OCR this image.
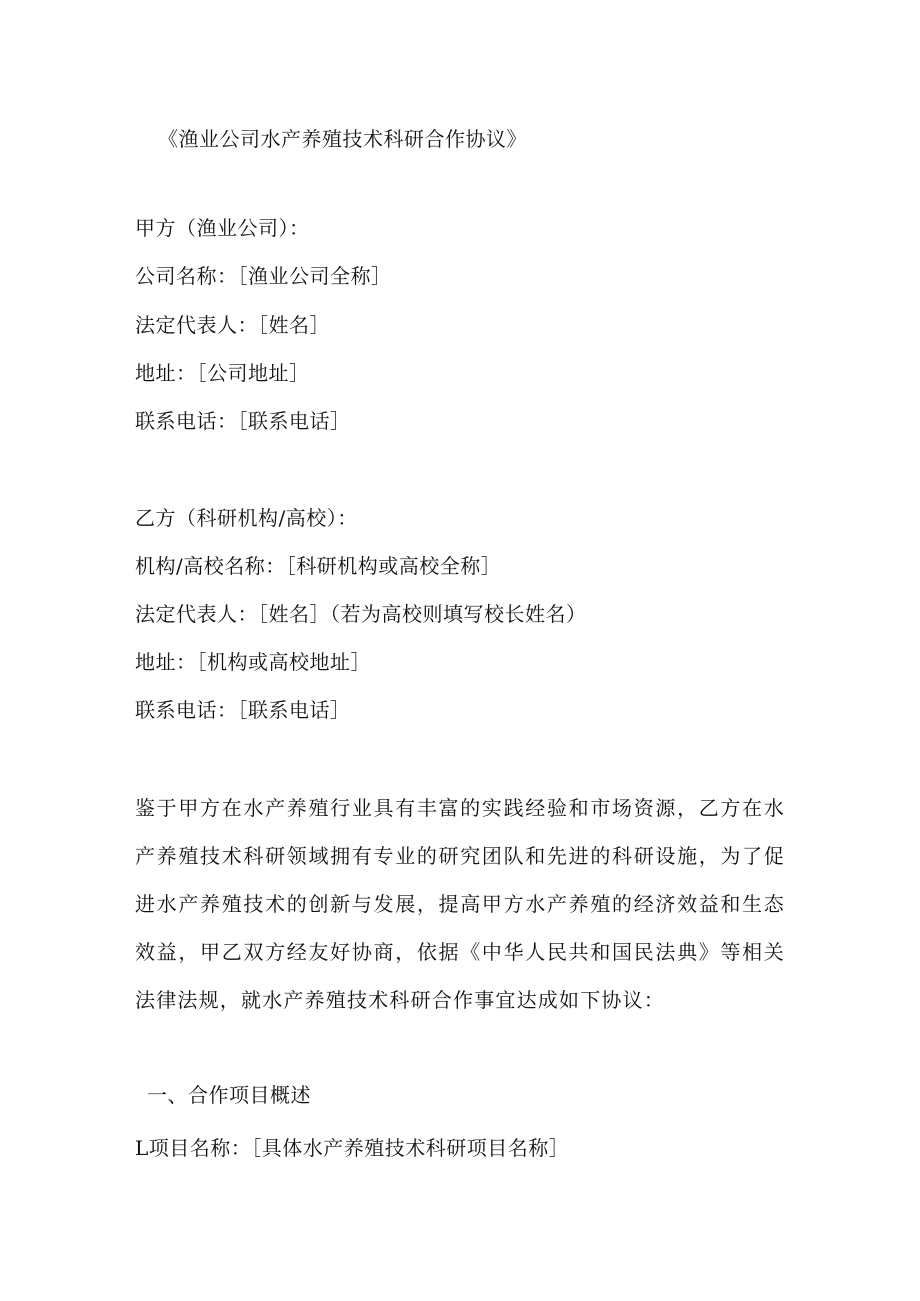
《渔业公司水产养殖技术科研合作协议》
甲方（渔业公司）：
公司名称：［渔业公司全称］
法定代表人：［姓名］
地址：［公司地址］
联系电话：［联系电话］
乙方（科研机构/高校）：
机构/高校名称：［科研机构或高校全称］
法定代表人：［姓名］（若为高校则填写校长姓名）
地址：［机构或高校地址］
联系电话：［联系电话］
鉴于甲方在水产养殖行业具有丰富的实践经验和市场资源，乙方在水产养殖技术科研领域拥有专业的研究团队和先进的科研设施，为了促进水产养殖技术的创新与发展，提高甲方水产养殖的经济效益和生态效益，甲乙双方经友好协商，依据《中华人民共和国民法典》等相关法律法规，就水产养殖技术科研合作事宜达成如下协议：
一、合作项目概述
L项目名称：［具体水产养殖技术科研项目名称］
